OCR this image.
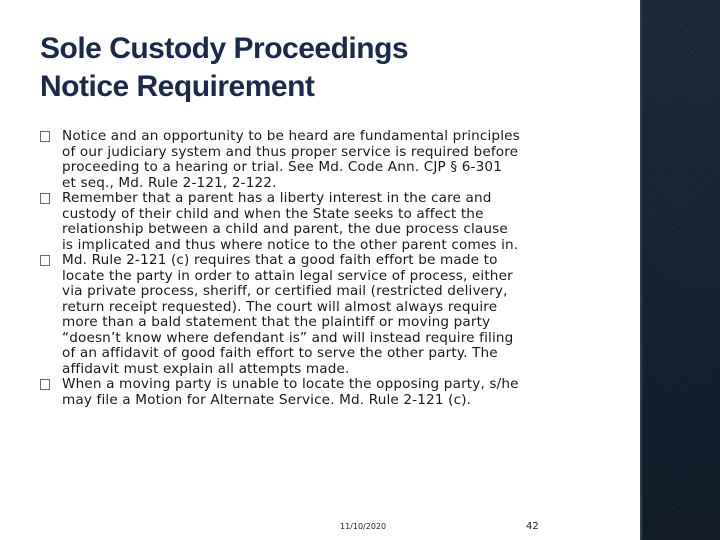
Sole Custody Proceedings
Notice Requirement
Notice and an opportunity to be heard are fundamental principles
of our judiciary system and thus proper service is required before
proceeding to a hearing or trial. See Md. Code Ann. CJP § 6-301
et seq., Md. Rule 2-121, 2-122.
Remember that a parent has a liberty interest in the care and
custody of their child and when the State seeks to affect the
relationship between a child and parent, the due process clause
is implicated and thus where notice to the other parent comes in.
Md. Rule 2-121 (c) requires that a good faith effort be made to
locate the party in order to attain legal service of process, either
via private process, sheriff, or certified mail (restricted delivery,
return receipt requested). The court will almost always require
more than a bald statement that the plaintiff or moving party
“doesn’t know where defendant is” and will instead require filing
of an affidavit of good faith effort to serve the other party. The
affidavit must explain all attempts made.
When a moving party is unable to locate the opposing party, s/he
may file a Motion for Alternate Service. Md. Rule 2-121 (c).
11/10/2020	42
